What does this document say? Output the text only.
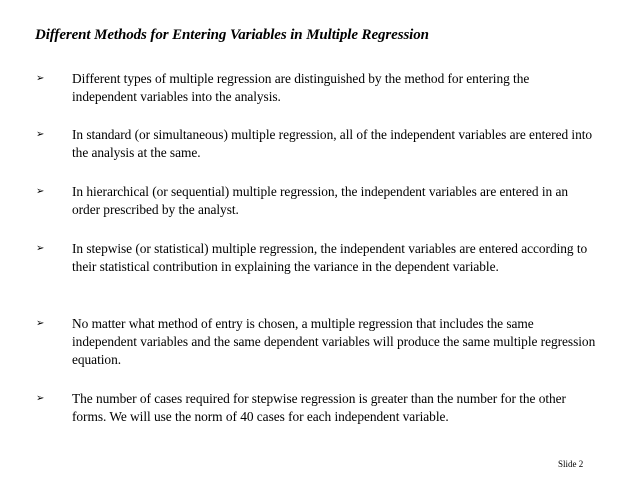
Different Methods for Entering Variables in Multiple Regression
➢	Different types of multiple regression are distinguished by the method for entering the independent variables into the analysis.
➢	In standard (or simultaneous) multiple regression, all of the independent variables are entered into the analysis at the same.
➢	In hierarchical (or sequential) multiple regression, the independent variables are entered in an order prescribed by the analyst.
➢	In stepwise (or statistical) multiple regression, the independent variables are entered according to their statistical contribution in explaining the variance in the dependent variable.
➢	No matter what method of entry is chosen, a multiple regression that includes the same independent variables and the same dependent variables will produce the same multiple regression equation.
➢	The number of cases required for stepwise regression is greater than the number for the other forms. We will use the norm of 40 cases for each independent variable.
Slide 2
